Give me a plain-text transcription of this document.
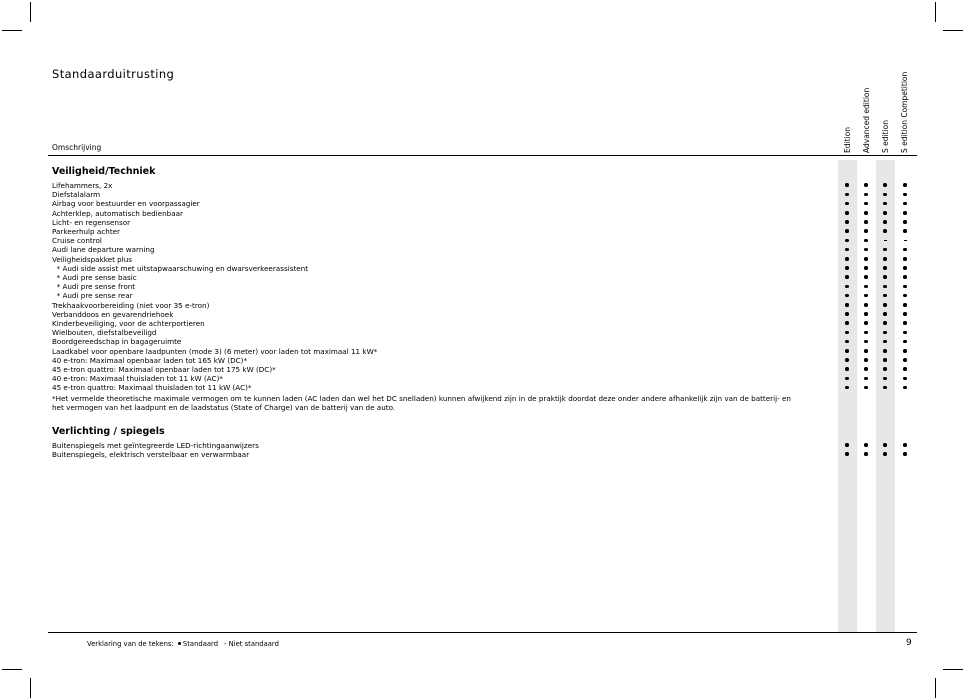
Standaarduitrusting
Omschrijving	Edition Advanced edition S edition S edition Competition
Veiligheid/Techniek
Lifehammers, 2x
Diefstalalarm
Airbag voor bestuurder en voorpassagier
Achterklep, automatisch bedienbaar
Licht- en regensensor
Parkeerhulp achter
Cruise control
Audi lane departure warning
Veiligheidspakket plus
* Audi side assist met uitstapwaarschuwing en dwarsverkeerassistent
* Audi pre sense basic
* Audi pre sense front
* Audi pre sense rear
Trekhaakvoorbereiding (niet voor 35 e-tron)
Verbanddoos en gevarendriehoek
Kinderbeveiliging, voor de achterportieren
Wielbouten, diefstalbeveiligd
Boordgereedschap in bagageruimte
Laadkabel voor openbare laadpunten (mode 3) (6 meter) voor laden tot maximaal 11 kW*
40 e-tron: Maximaal openbaar laden tot 165 kW (DC)*
45 e-tron quattro: Maximaal openbaar laden tot 175 kW (DC)*
40 e-tron: Maximaal thuisladen tot 11 kW (AC)*
45 e-tron quattro: Maximaal thuisladen tot 11 kW (AC)*
*Het vermelde theoretische maximale vermogen om te kunnen laden (AC laden dan wel het DC snelladen) kunnen afwijkend zijn in de praktijk doordat deze onder andere afhankelijk zijn van de batterij- en
het vermogen van het laadpunt en de laadstatus (State of Charge) van de batterij van de auto.
Verlichting / spiegels
Buitenspiegels met geïntegreerde LED-richtingaanwijzers
Buitenspiegels, elektrisch verstelbaar en verwarmbaar
Verklaring van de tekens: Standaard - Niet standaard	9
